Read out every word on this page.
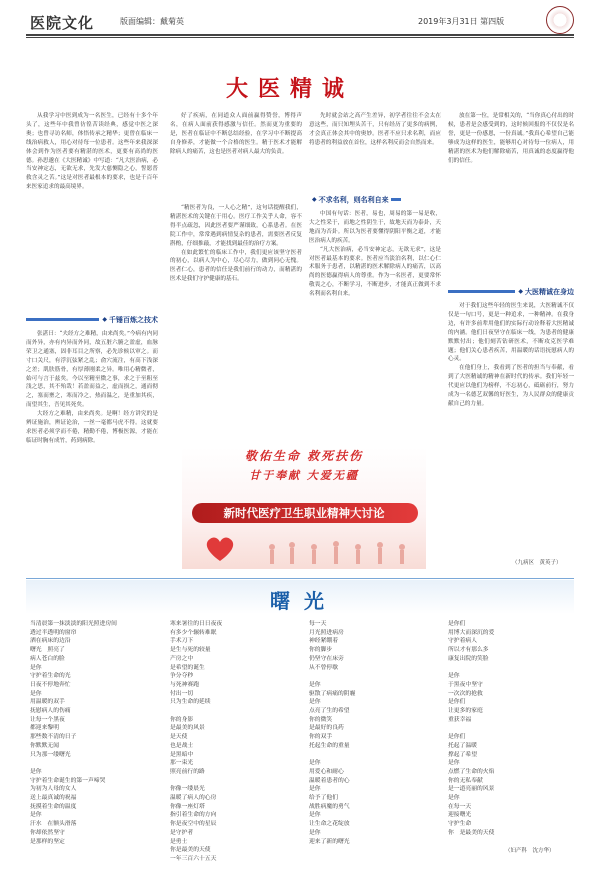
医院文化	版面编辑：戴菊英	2019年3月31日 第四版
大医精诚

从我学习中医到成为一名医生，已经有十多个年头了，这些年中我曾彷徨苦读经典，感觉中医之深奥；也曾寻访名师，体悟传承之精华；更曾在临床一线治病救人，用心对待每一位患者。这些年来我深深体会到作为医者要有精湛的医术，更要有高尚的医德。孙思邈在《大医精诚》中写道：“凡大医治病，必当安神定志，无欲无求，先发大慈恻隐之心，誓愿普救含灵之苦。”这是对医者最根本的要求，也是千百年来医家追求的最高境界。

◆ 千锤百炼之技术

张湛曰：“夫经方之难精，由来尚矣。”今病有内同而外异，亦有内异而外同，故五脏六腑之盈虚，血脉荣卫之通塞，固非耳目之所察，必先诊候以审之。而寸口关尺，有浮沉弦紧之乱；俞穴流注，有高下浅深之差；肌肤筋骨，有厚薄刚柔之异。唯用心精微者，始可与言于兹矣。今以至精至微之事，求之于至粗至浅之思，其不殆哉！若盈而益之，虚而损之，通而彻之，塞而壅之，寒而冷之，热而温之，是重加其疾，而望其生，吾见其死矣。

大经方之难精，由来尚矣。是啊！经方讲究的是辨证施治，辨证论治，一丝一毫都马虎不得。这就要求医者必须学而不倦，精勤不倦，博极医源，才能在临证时胸有成竹，药到病除。

好了疾病，在同道众人面前赢得赞誉，博得声名，在病人面前获得感激与信任。然而更为重要的是，医者在临证中不断总结经验，在学习中不断提高自身修养，才能做一个合格的医生。精于医术才能解除病人的痛苦，这也是医者对病人最大的负责。

“精医者为良，一人心之精”，这句话提醒我们，精湛医术的关键在于用心。医疗工作关乎人命，容不得半点疏忽，因此医者要严谨细致，心系患者。在医院工作中，常常遇到病情复杂的患者，需要医者反复斟酌，仔细推敲，才能找到最佳的治疗方案。

在如此繁忙的临床工作中，我们更应该坚守医者的初心，以病人为中心，尽心尽力，做到问心无愧。医者仁心，患者的信任是我们前行的动力，而精湛的医术是我们守护健康的基石。

先时就会站之高产生差异，初学者往往不会太在意这些，而只知埋头苦干，只有经历了更多的病例，才会真正体会其中的奥妙。医者不应只求名利，而应将患者的利益放在首位，这样名利反而会自然而来。

◆ 不求名利，则名利自来

中国有句话：医者，易也，周易的第一易是收，大之性采于，而地之性阴生于，故地天而为泰卦，天地而为否卦。所以为医者要懂得阴阳平衡之道，才能医治病人的疾苦。

“凡大医治病，必当安神定志，无欲无求”，这是对医者最基本的要求。医者应当淡泊名利，以仁心仁术服务于患者，以精湛的医术解除病人的痛苦，以高尚的医德赢得病人的尊重。作为一名医者，更要常怀敬畏之心，不断学习，不断进步，才能真正做到不求名利而名利自来。

放在第一位，是常相关的，“当你真心付出的时候，患者是会感受到的，这时候回报的不仅仅是名誉，更是一份感恩，一份真诚。”我真心希望自己能够成为这样的医生，能够用心对待每一位病人，用精湛的医术为他们解除痛苦，用真诚的态度赢得他们的信任。

◆ 大医精诚在身边

对于我们这些年轻的医生来说，大医精诚不仅仅是一句口号，更是一种追求，一种精神。在我身边，有许多前辈用他们的实际行动诠释着大医精诚的内涵。他们日夜坚守在临床一线，为患者的健康默默付出；他们刻苦钻研医术，不断攻克医学难题；他们关心患者疾苦，用温暖的话语抚慰病人的心灵。

在他们身上，我看到了医者的担当与奉献，看到了大医精诚的精神在新时代的传承。我们年轻一代更应以他们为榜样，不忘初心，砥砺前行，努力成为一名德艺双馨的好医生，为人民群众的健康贡献自己的力量。

（九病区　黄英子）
敬佑生命 救死扶伤
甘于奉献 大爱无疆
新时代医疗卫生职业精神大讨论
曙光
当清晨第一抹淡淡的阳光照进房间
透过半透明的窗帘
洒在病床的边沿
曙光　照亮了
病人苍白的脸
是你
守护着生命的光
日夜不停地奔忙
是你
用温暖的双手
抚慰病人的伤痛
让每一个黑夜
都迎来黎明
那些数不清的日子
你默默无闻
只为那一缕曙光

是你
守护着生命诞生的第一声啼哭
为初为人母的女人
送上最真诚的祝福
抚摸着生命的温度
是你
汗水　在额头滑落
你却依然坚守
是那样的坚定
寒来暑往的日日夜夜
有多少个辗转难眠
手术刀下
是生与死的较量
产房之中
是希望的诞生
争分夺秒
与死神赛跑
付出一切
只为生命的延续

你的身影
是最美的风景
是天使
也是战士
是黑暗中
那一束光
照亮前行的路

你像一缕晨光
温暖了病人的心房
你像一座灯塔
指引着生命的方向
你是夜空中的星辰
是守护者
是勇士
你是最美的天使
一年三百六十五天
每一天
月光照进病房
神经紧绷着
你的脚步
仍坚守在床旁
从不曾停歇

是你
驱散了病痛的阴霾
是你
点亮了生的希望
你的微笑
是最好的良药
你的双手
托起生命的重量

是你
用爱心和耐心
温暖着患者的心
是你
给予了他们
战胜病魔的勇气
是你
让生命之花绽放
是你
迎来了新的曙光
是你们
用博大而深沉的爱
守护着病人
所以才有那么多
康复出院的笑脸

是你
于黑夜中坚守
一次次的抢救
是你们
让更多的家庭
重获幸福

是你们
托起了温暖
撑起了希望
是你
点燃了生命的火焰
你的无私奉献
是一道亮丽的风景
是你
在每一天
迎接曙光
守护生命
你　是最美的天使
（妇产科　沈方华）
